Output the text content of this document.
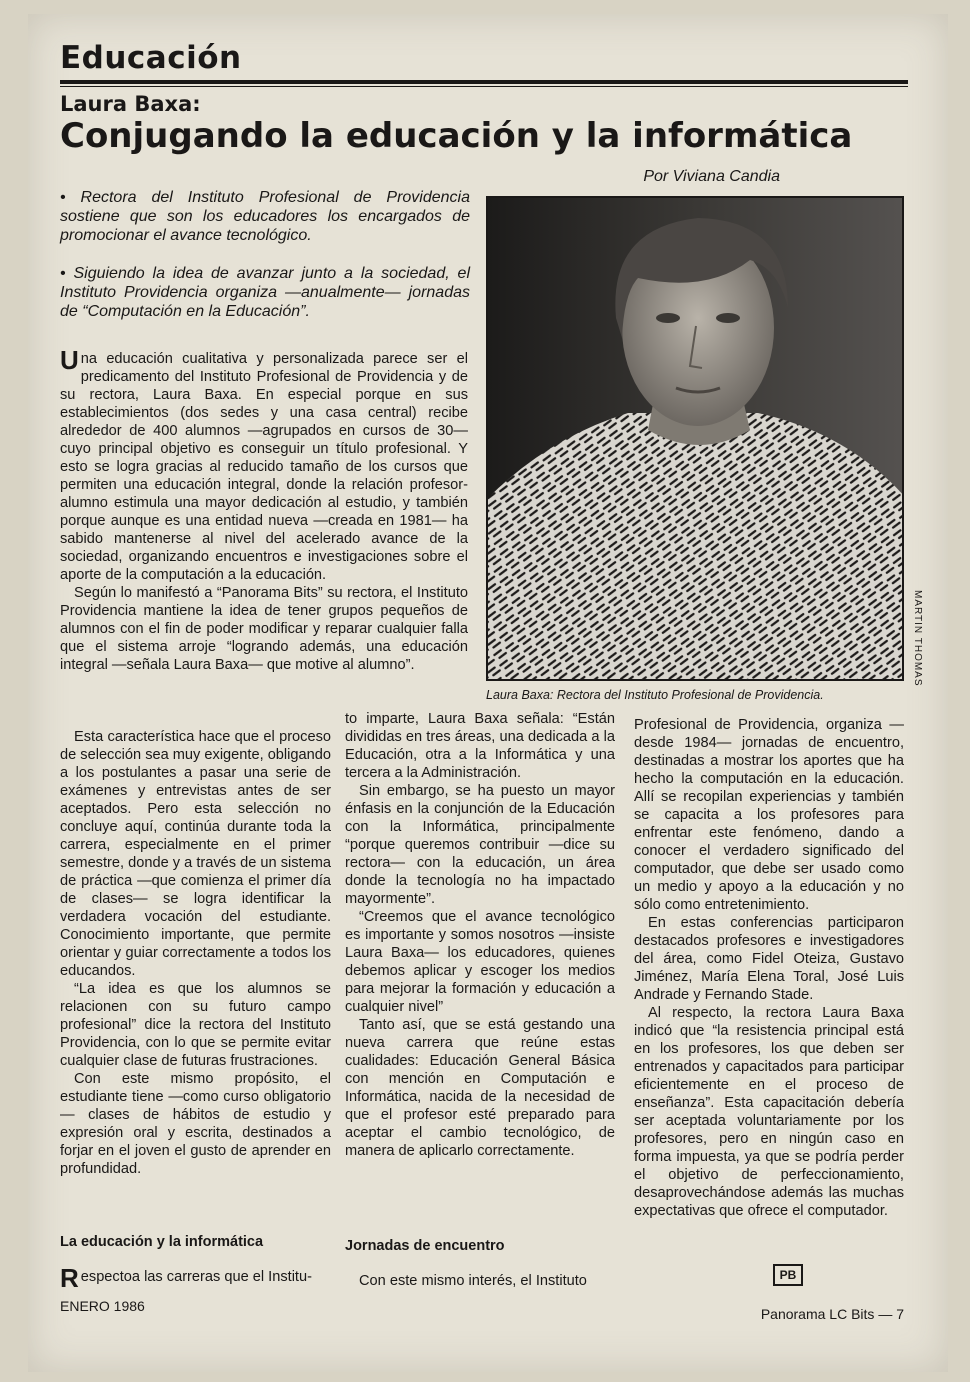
Educación
Laura Baxa:
Conjugando la educación y la informática
Por Viviana Candia
• Rectora del Instituto Profesional de Providencia sostiene que son los educadores los encargados de promocionar el avance tecnológico.
• Siguiendo la idea de avanzar junto a la sociedad, el Instituto Providencia organiza —anualmente— jornadas de “Computación en la Educación”.
Laura Baxa: Rectora del Instituto Profesional de Providencia.
MARTIN THOMAS

Una educación cualitativa y personalizada parece ser el predicamento del Instituto Profesional de Providencia y de su rectora, Laura Baxa. En especial porque en sus establecimientos (dos sedes y una casa central) recibe alrededor de 400 alumnos —agrupados en cursos de 30— cuyo principal objetivo es conseguir un título profesional. Y esto se logra gracias al reducido tamaño de los cursos que permiten una educación integral, donde la relación profesor-alumno estimula una mayor dedicación al estudio, y también porque aunque es una entidad nueva —creada en 1981— ha sabido mantenerse al nivel del acelerado avance de la sociedad, organizando encuentros e investigaciones sobre el aporte de la computación a la educación.

Según lo manifestó a “Panorama Bits” su rectora, el Instituto Providencia mantiene la idea de tener grupos pequeños de alumnos con el fin de poder modificar y reparar cualquier falla que el sistema arroje “logrando además, una educación integral —señala Laura Baxa— que motive al alumno”.

Esta característica hace que el proceso de selección sea muy exigente, obligando a los postulantes a pasar una serie de exámenes y entrevistas antes de ser aceptados. Pero esta selección no concluye aquí, continúa durante toda la carrera, especialmente en el primer semestre, donde y a través de un sistema de práctica —que comienza el primer día de clases— se logra identificar la verdadera vocación del estudiante. Conocimiento importante, que permite orientar y guiar correctamente a todos los educandos.

“La idea es que los alumnos se relacionen con su futuro campo profesional” dice la rectora del Instituto Providencia, con lo que se permite evitar cualquier clase de futuras frustraciones.

Con este mismo propósito, el estudiante tiene —como curso obligatorio— clases de hábitos de estudio y expresión oral y escrita, destinados a forjar en el joven el gusto de aprender en profundidad.

La educación y la informática

Respectoa las carreras que el Institu-

to imparte, Laura Baxa señala: “Están divididas en tres áreas, una dedicada a la Educación, otra a la Informática y una tercera a la Administración.

Sin embargo, se ha puesto un mayor énfasis en la conjunción de la Educación con la Informática, principalmente “porque queremos contribuir —dice su rectora— con la educación, un área donde la tecnología no ha impactado mayormente”.

“Creemos que el avance tecnológico es importante y somos nosotros —insiste Laura Baxa— los educadores, quienes debemos aplicar y escoger los medios para mejorar la formación y educación a cualquier nivel”

Tanto así, que se está gestando una nueva carrera que reúne estas cualidades: Educación General Básica con mención en Computación e Informática, nacida de la necesidad de que el profesor esté preparado para aceptar el cambio tecnológico, de manera de aplicarlo correctamente.

Jornadas de encuentro

Con este mismo interés, el Instituto

Profesional de Providencia, organiza —desde 1984— jornadas de encuentro, destinadas a mostrar los aportes que ha hecho la computación en la educación. Allí se recopilan experiencias y también se capacita a los profesores para enfrentar este fenómeno, dando a conocer el verdadero significado del computador, que debe ser usado como un medio y apoyo a la educación y no sólo como entretenimiento.

En estas conferencias participaron destacados profesores e investigadores del área, como Fidel Oteiza, Gustavo Jiménez, María Elena Toral, José Luis Andrade y Fernando Stade.

Al respecto, la rectora Laura Baxa indicó que “la resistencia principal está en los profesores, los que deben ser entrenados y capacitados para participar eficientemente en el proceso de enseñanza”. Esta capacitación debería ser aceptada voluntariamente por los profesores, pero en ningún caso en forma impuesta, ya que se podría perder el objetivo de perfeccionamiento, desaprovechándose además las muchas expectativas que ofrece el computador.

PB
ENERO 1986	Panorama LC Bits — 7
